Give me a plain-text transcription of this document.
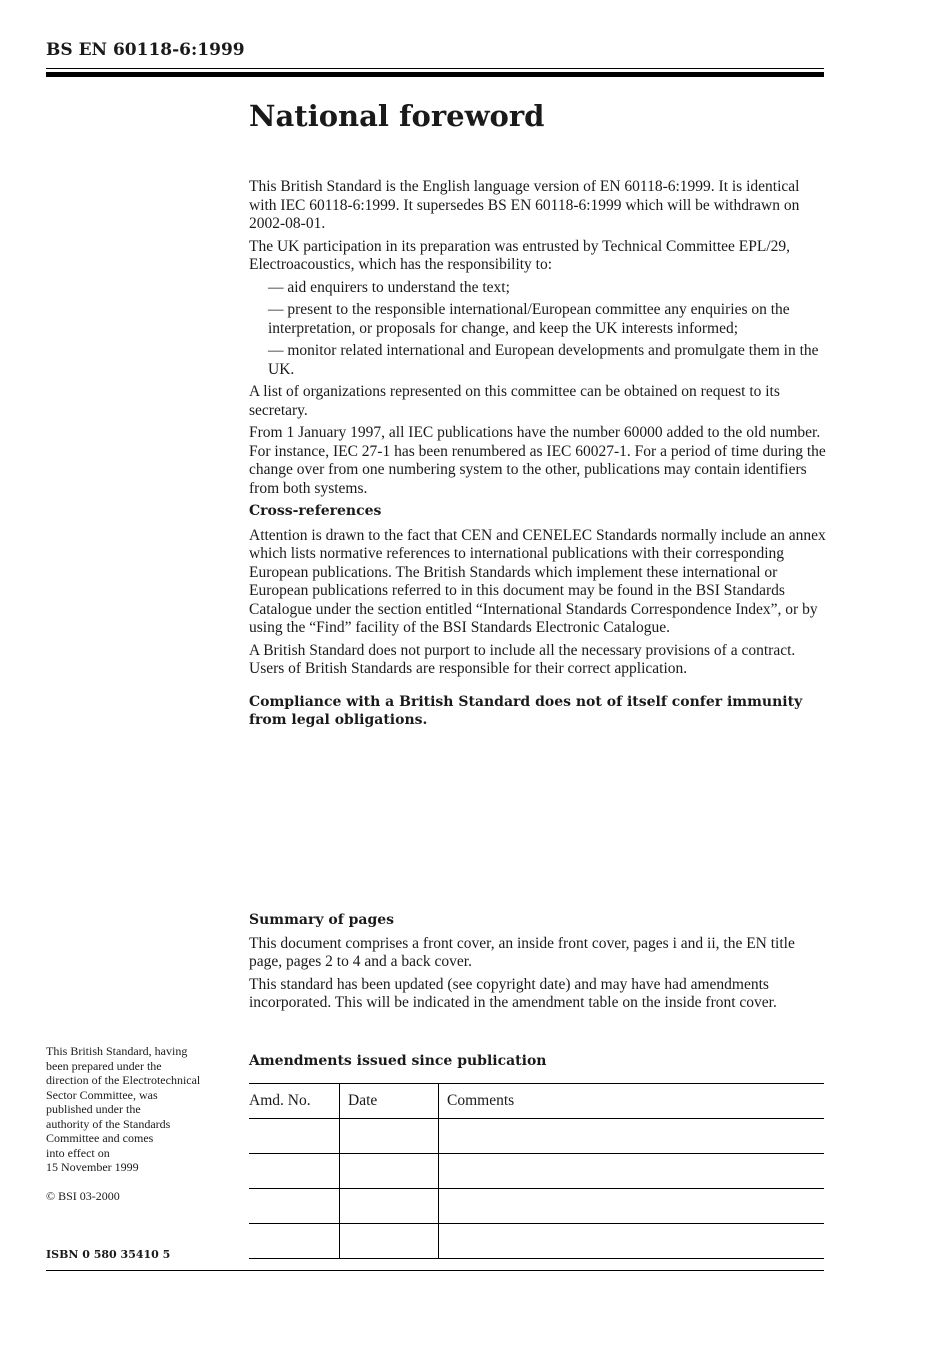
BS EN 60118-6:1999
National foreword

This British Standard is the English language version of EN 60118-6:1999. It is identical with IEC 60118-6:1999. It supersedes BS EN 60118-6:1999 which will be withdrawn on 2002-08-01.

The UK participation in its preparation was entrusted by Technical Committee EPL/29, Electroacoustics, which has the responsibility to:

— aid enquirers to understand the text;

— present to the responsible international/European committee any enquiries on the interpretation, or proposals for change, and keep the UK interests informed;

— monitor related international and European developments and promulgate them in the UK.

A list of organizations represented on this committee can be obtained on request to its secretary.

From 1 January 1997, all IEC publications have the number 60000 added to the old number. For instance, IEC 27-1 has been renumbered as IEC 60027-1. For a period of time during the change over from one numbering system to the other, publications may contain identifiers from both systems.

Cross-references

Attention is drawn to the fact that CEN and CENELEC Standards normally include an annex which lists normative references to international publications with their corresponding European publications. The British Standards which implement these international or European publications referred to in this document may be found in the BSI Standards Catalogue under the section entitled “International Standards Correspondence Index”, or by using the “Find” facility of the BSI Standards Electronic Catalogue.

A British Standard does not purport to include all the necessary provisions of a contract. Users of British Standards are responsible for their correct application.

Compliance with a British Standard does not of itself confer immunity from legal obligations.

Summary of pages

This document comprises a front cover, an inside front cover, pages i and ii, the EN title page, pages 2 to 4 and a back cover.

This standard has been updated (see copyright date) and may have had amendments incorporated. This will be indicated in the amendment table on the inside front cover.

Amendments issued since publication
Amd. No.	Date	Comments

This British Standard, having
been prepared under the
direction of the Electrotechnical
Sector Committee, was
published under the
authority of the Standards
Committee and comes
into effect on
15 November 1999
© BSI 03-2000
ISBN 0 580 35410 5
